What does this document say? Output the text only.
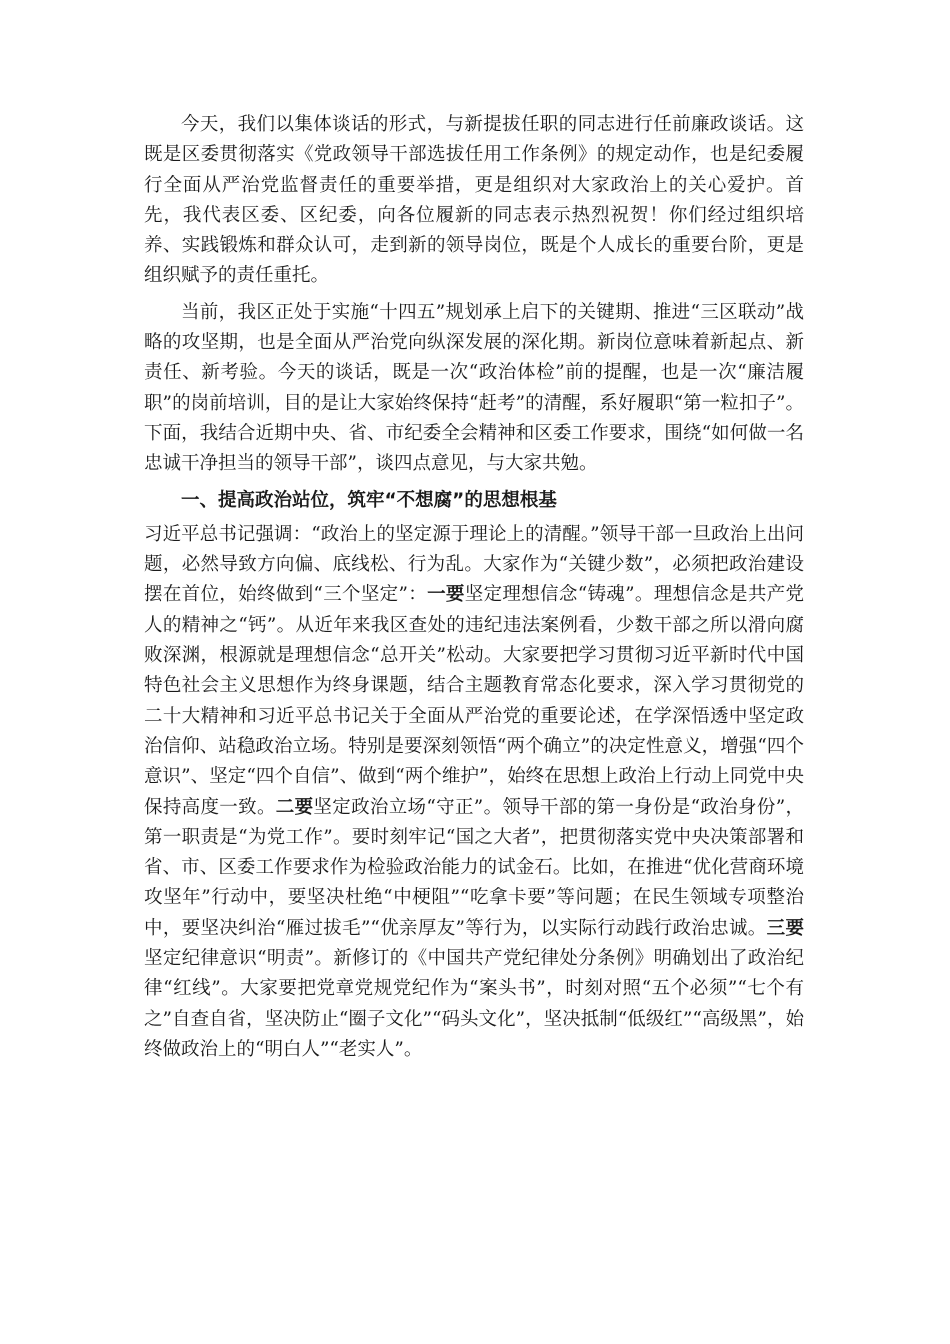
今天，我们以集体谈话的形式，与新提拔任职的同志进行任前廉政谈话。这既是区委贯彻落实《党政领导干部选拔任用工作条例》的规定动作，也是纪委履行全面从严治党监督责任的重要举措，更是组织对大家政治上的关心爱护。首先，我代表区委、区纪委，向各位履新的同志表示热烈祝贺！你们经过组织培养、实践锻炼和群众认可，走到新的领导岗位，既是个人成长的重要台阶，更是组织赋予的责任重托。

当前，我区正处于实施“十四五”规划承上启下的关键期、推进“三区联动”战略的攻坚期，也是全面从严治党向纵深发展的深化期。新岗位意味着新起点、新责任、新考验。今天的谈话，既是一次“政治体检”前的提醒，也是一次“廉洁履职”的岗前培训，目的是让大家始终保持“赶考”的清醒，系好履职“第一粒扣子”。下面，我结合近期中央、省、市纪委全会精神和区委工作要求，围绕“如何做一名忠诚干净担当的领导干部”，谈四点意见，与大家共勉。

一、提高政治站位，筑牢“不想腐”的思想根基

习近平总书记强调：“政治上的坚定源于理论上的清醒。”领导干部一旦政治上出问题，必然导致方向偏、底线松、行为乱。大家作为“关键少数”，必须把政治建设摆在首位，始终做到“三个坚定”：一要坚定理想信念“铸魂”。理想信念是共产党人的精神之“钙”。从近年来我区查处的违纪违法案例看，少数干部之所以滑向腐败深渊，根源就是理想信念“总开关”松动。大家要把学习贯彻习近平新时代中国特色社会主义思想作为终身课题，结合主题教育常态化要求，深入学习贯彻党的二十大精神和习近平总书记关于全面从严治党的重要论述，在学深悟透中坚定政治信仰、站稳政治立场。特别是要深刻领悟“两个确立”的决定性意义，增强“四个意识”、坚定“四个自信”、做到“两个维护”，始终在思想上政治上行动上同党中央保持高度一致。二要坚定政治立场“守正”。领导干部的第一身份是“政治身份”，第一职责是“为党工作”。要时刻牢记“国之大者”，把贯彻落实党中央决策部署和省、市、区委工作要求作为检验政治能力的试金石。比如，在推进“优化营商环境攻坚年”行动中，要坚决杜绝“中梗阻”“吃拿卡要”等问题；在民生领域专项整治中，要坚决纠治“雁过拔毛”“优亲厚友”等行为，以实际行动践行政治忠诚。三要坚定纪律意识“明责”。新修订的《中国共产党纪律处分条例》明确划出了政治纪律“红线”。大家要把党章党规党纪作为“案头书”，时刻对照“五个必须”“七个有之”自查自省，坚决防止“圈子文化”“码头文化”，坚决抵制“低级红”“高级黑”，始终做政治上的“明白人”“老实人”。
